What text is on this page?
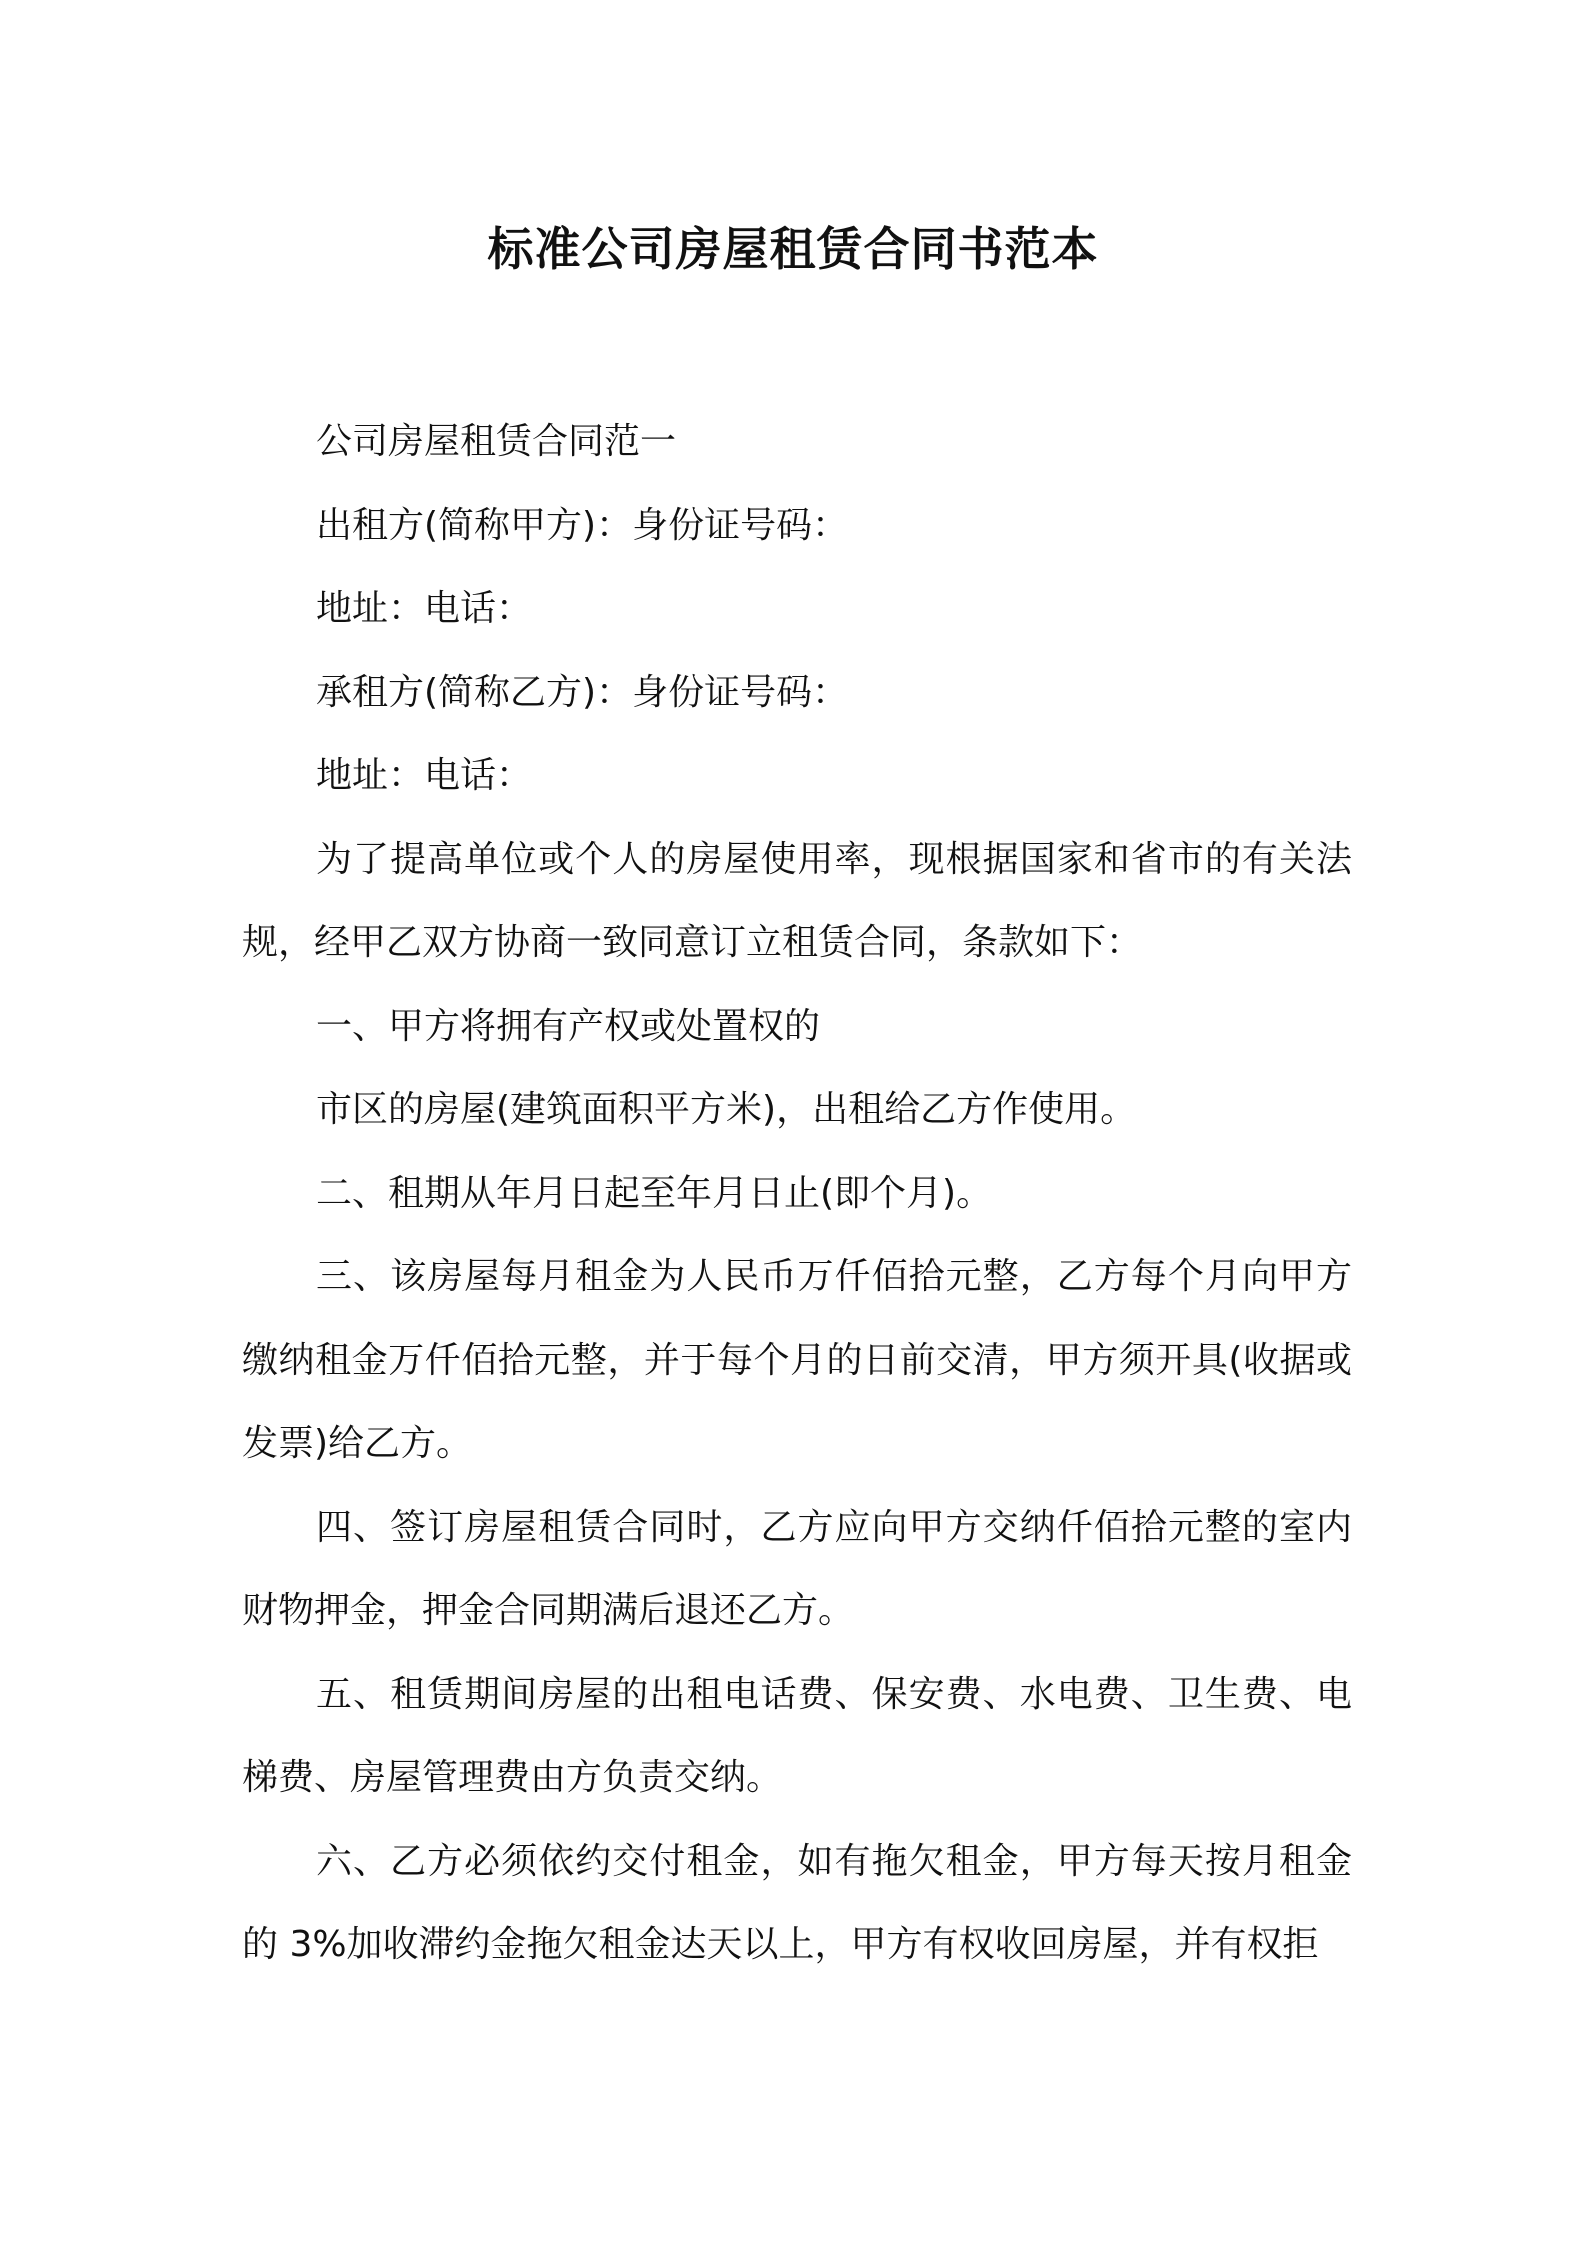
标准公司房屋租赁合同书范本

公司房屋租赁合同范一

出租方(简称甲方)：身份证号码：

地址：电话：

承租方(简称乙方)：身份证号码：

地址：电话：

为了提高单位或个人的房屋使用率，现根据国家和省市的有关法规，经甲乙双方协商一致同意订立租赁合同，条款如下：

一、甲方将拥有产权或处置权的

市区的房屋(建筑面积平方米)，出租给乙方作使用。

二、租期从年月日起至年月日止(即个月)。

三、该房屋每月租金为人民币万仟佰拾元整，乙方每个月向甲方缴纳租金万仟佰拾元整，并于每个月的日前交清，甲方须开具(收据或发票)给乙方。

四、签订房屋租赁合同时，乙方应向甲方交纳仟佰拾元整的室内财物押金，押金合同期满后退还乙方。

五、租赁期间房屋的出租电话费、保安费、水电费、卫生费、电梯费、房屋管理费由方负责交纳。

六、乙方必须依约交付租金，如有拖欠租金，甲方每天按月租金的 3%加收滞约金拖欠租金达天以上，甲方有权收回房屋，并有权拒
